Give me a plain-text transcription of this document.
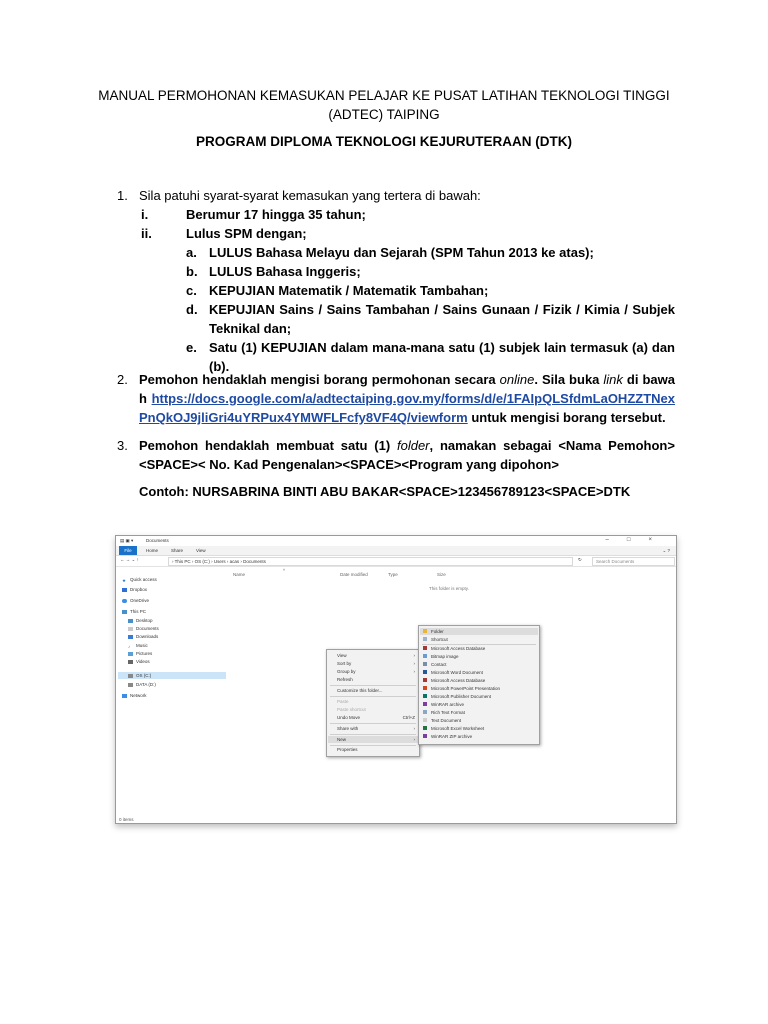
MANUAL PERMOHONAN KEMASUKAN PELAJAR KE PUSAT LATIHAN TEKNOLOGI TINGGI
(ADTEC) TAIPING
PROGRAM DIPLOMA TEKNOLOGI KEJURUTERAAN (DTK)
1. Sila patuhi syarat-syarat kemasukan yang tertera di bawah:
i.	Berumur 17 hingga 35 tahun;
ii.	Lulus SPM dengan;
a. LULUS Bahasa Melayu dan Sejarah (SPM Tahun 2013 ke atas);
b. LULUS Bahasa Inggeris;
c. KEPUJIAN Matematik / Matematik Tambahan;
d. KEPUJIAN Sains / Sains Tambahan / Sains Gunaan / Fizik / Kimia / Subjek Teknikal dan;
e. Satu (1) KEPUJIAN dalam mana-mana satu (1) subjek lain termasuk (a) dan (b).
2. Pemohon hendaklah mengisi borang permohonan secara online. Sila buka link di bawah https://docs.google.com/a/adtectaiping.gov.my/forms/d/e/1FAIpQLSfdmLaOHZZTNexPnQkOJ9jliGri4uYRPux4YMWFLFcfy8VF4Q/viewform untuk mengisi borang tersebut.
3. Pemohon hendaklah membuat satu (1) folder, namakan sebagai <Nama Pemohon><SPACE>< No. Kad Pengenalan><SPACE><Program yang dipohon>
Contoh: NURSABRINA BINTI ABU BAKAR<SPACE>123456789123<SPACE>DTK
▤ ▣ ▾	Documents	–□×
File	Home	Share	View	⌄ ?
← → ⌄ ↑	› This PC › OS (C:) › Users › acas › Documents	↻	Search Documents
★ Quick access
Dropbox
OneDrive
This PC
Desktop
Documents
Downloads
♪ Music
Pictures
Videos
OS (C:)
DATA (D:)
Network
Name
^
Date modified	Type	Size
This folder is empty.
0 items
View	›
Sort by	›
Group by	›
Refresh
Customize this folder...
Paste
Paste shortcut
Undo Move	Ctrl+Z
Share with	›
New	›
Properties
Folder
Shortcut
Microsoft Access Database
Bitmap image
Contact
Microsoft Word Document
Microsoft Access Database
Microsoft PowerPoint Presentation
Microsoft Publisher Document
WinRAR archive
Rich Text Format
Text Document
Microsoft Excel Worksheet
WinRAR ZIP archive
